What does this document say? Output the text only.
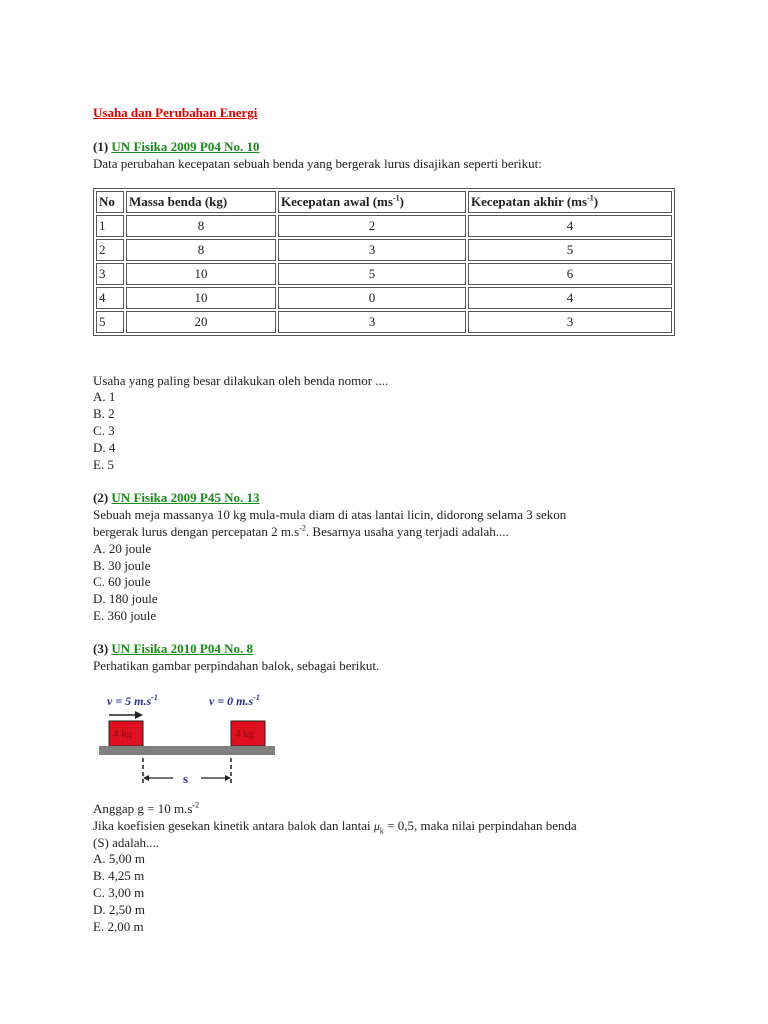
Usaha dan Perubahan Energi
(1) UN Fisika 2009 P04 No. 10
Data perubahan kecepatan sebuah benda yang bergerak lurus disajikan seperti berikut:
No	Massa benda (kg)	Kecepatan awal $(ms^{-1})$	Kecepatan akhir $(ms^{-1})$
1	8	2	4
2	8	3	5
3	10	5	6
4	10	0	4
5	20	3	3
Usaha yang paling besar dilakukan oleh benda nomor ....
A. 1
B. 2
C. 3
D. 4
E. 5
(2) UN Fisika 2009 P45 No. 13
Sebuah meja massanya 10 kg mula-mula diam di atas lantai licin, didorong selama 3 sekon
bergerak lurus dengan percepatan 2 $m.s^{-2}$. Besarnya usaha yang terjadi adalah....
A. 20 joule
B. 30 joule
C. 60 joule
D. 180 joule
E. 360 joule
(3) UN Fisika 2010 P04 No. 8
Perhatikan gambar perpindahan balok, sebagai berikut.
v = 5 $m.s^{-1}$	v = 0 $m.s^{-1}$
4 kg	4 kg
s
Anggap g = 10 $m.s^{-2}$
Jika koefisien gesekan kinetik antara balok dan lantai $\mu_k = 0,5$, maka nilai perpindahan benda
(S) adalah....
A. 5,00 m
B. 4,25 m
C. 3,00 m
D. 2,50 m
E. 2,00 m
